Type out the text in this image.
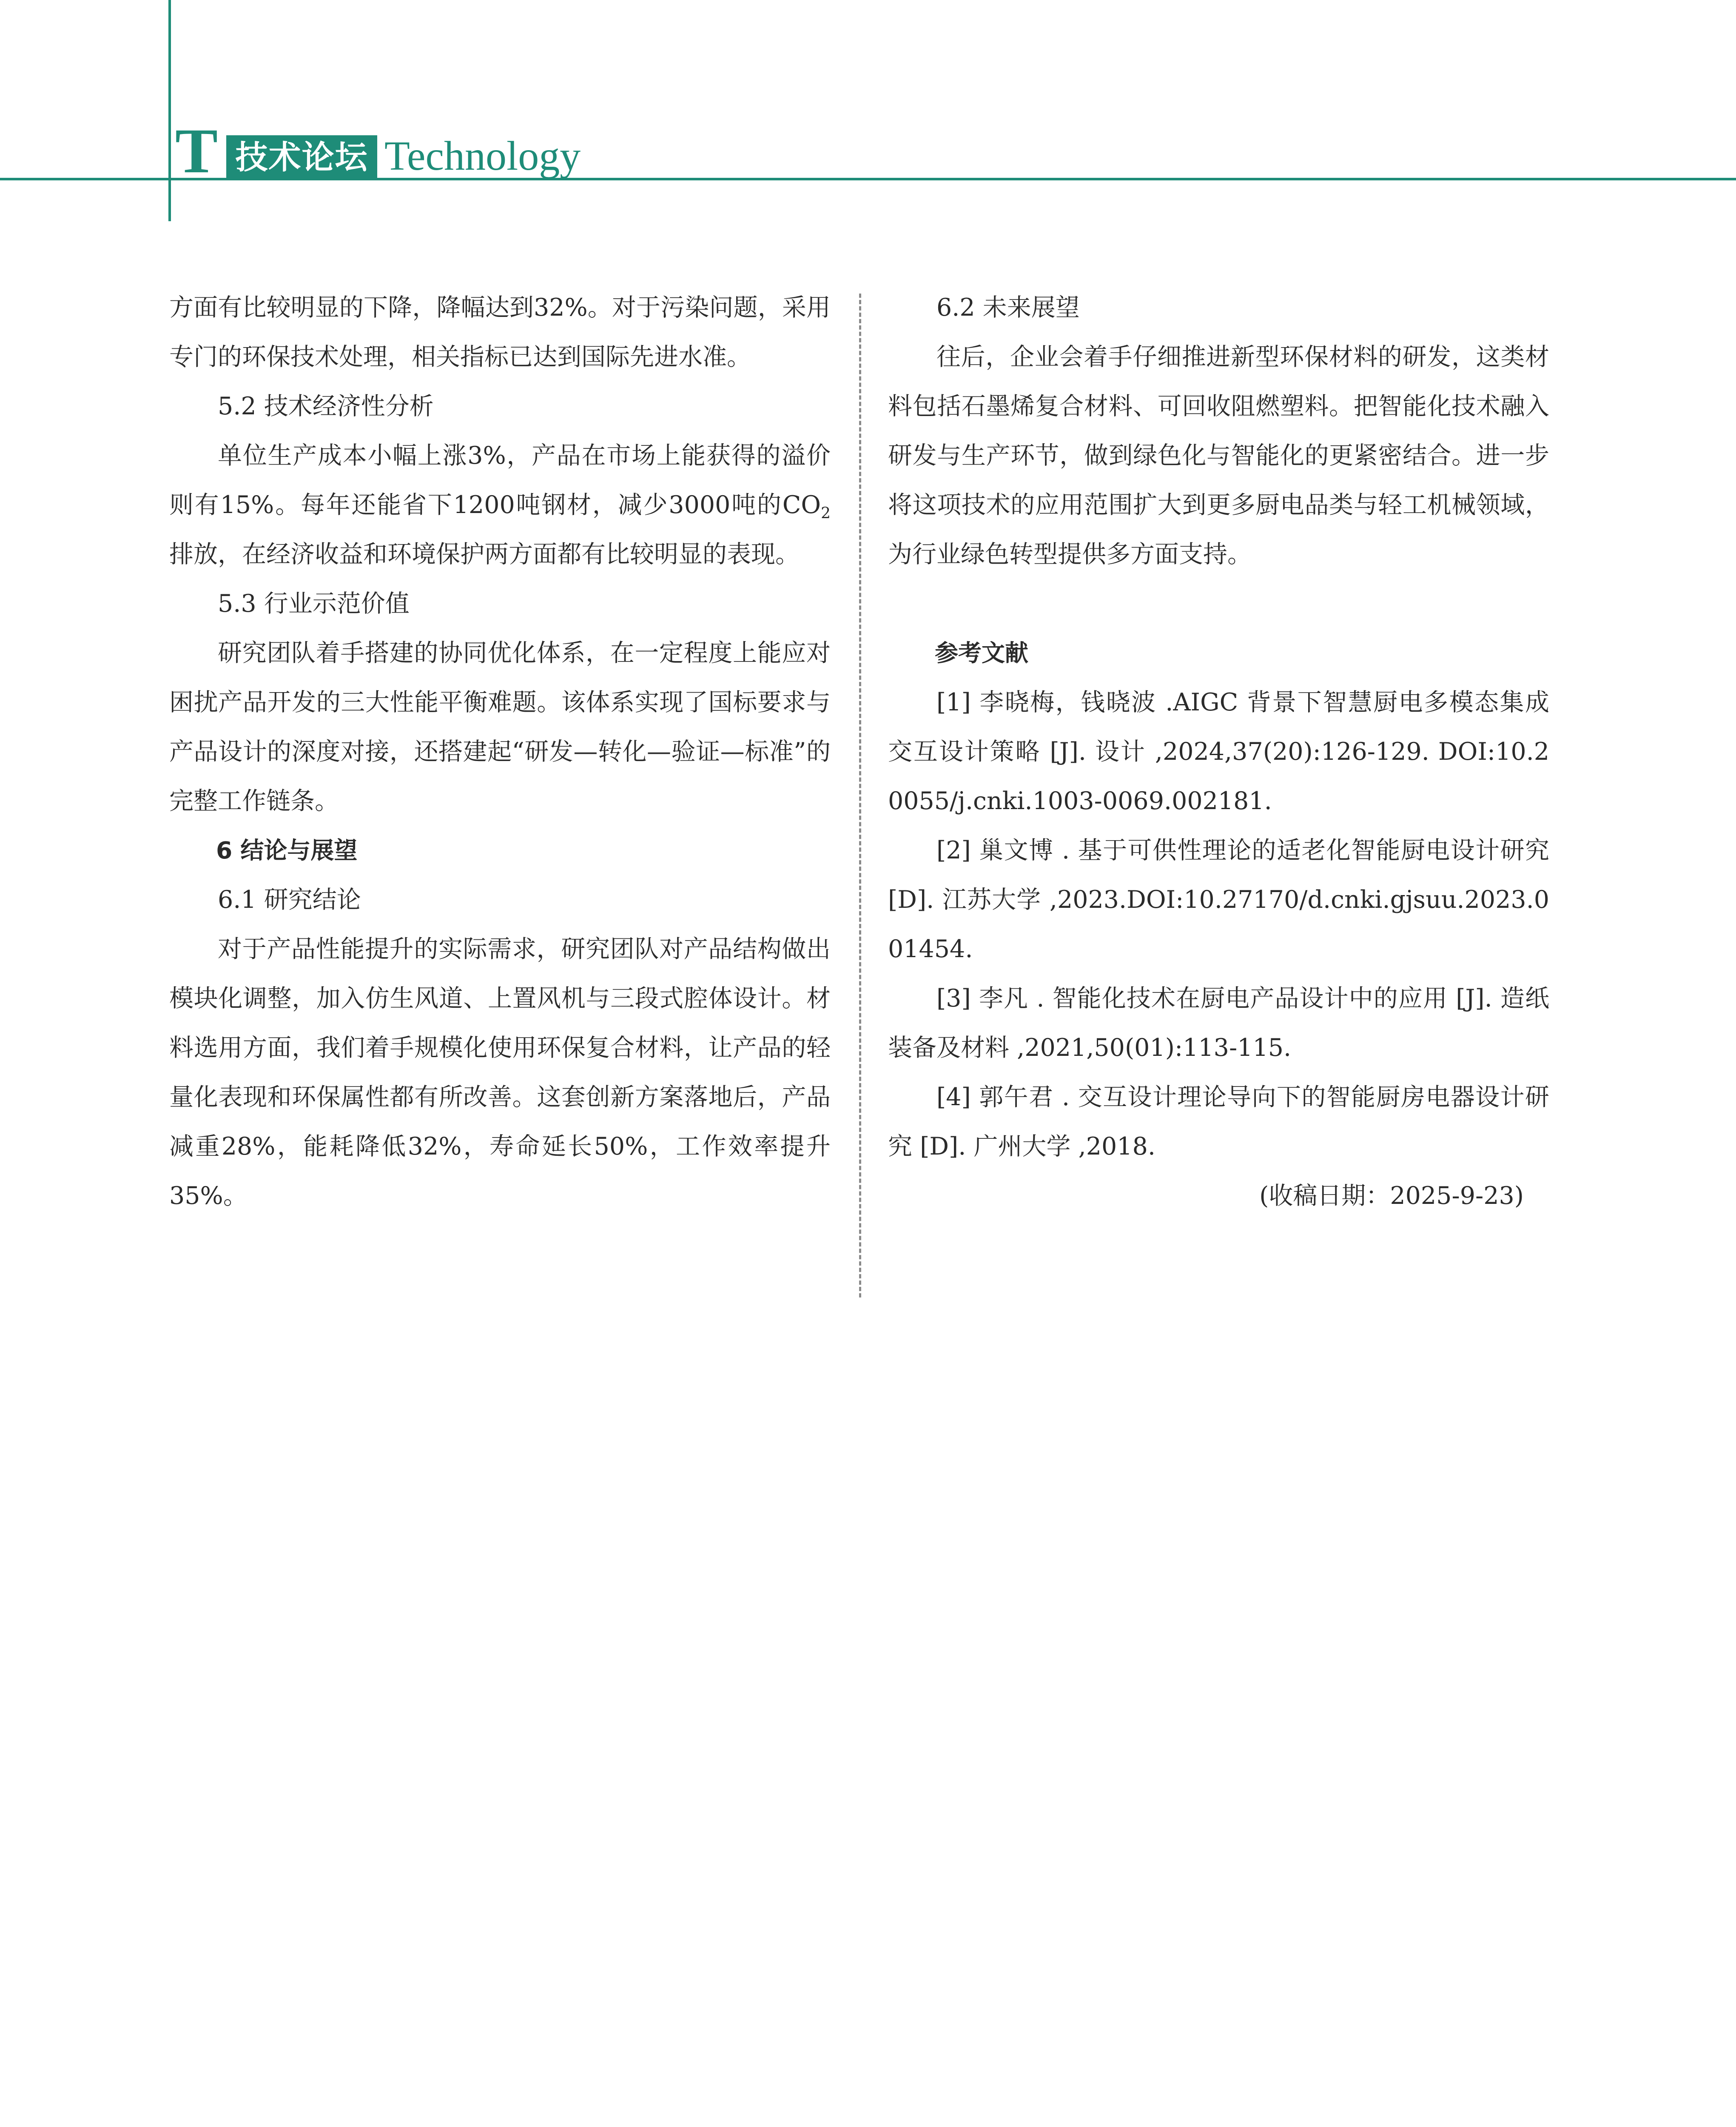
T 技术论坛 Technology

方面有比较明显的下降，降幅达到32%。对于污染问题，采用专门的环保技术处理，相关指标已达到国际先进水准。

5.2 技术经济性分析

单位生产成本小幅上涨3%，产品在市场上能获得的溢价则有15%。每年还能省下1200吨钢材，减少3000吨的$CO_2$排放，在经济收益和环境保护两方面都有比较明显的表现。

5.3 行业示范价值

研究团队着手搭建的协同优化体系，在一定程度上能应对困扰产品开发的三大性能平衡难题。该体系实现了国标要求与产品设计的深度对接，还搭建起“研发—转化—验证—标准”的完整工作链条。

6 结论与展望

6.1 研究结论

对于产品性能提升的实际需求，研究团队对产品结构做出模块化调整，加入仿生风道、上置风机与三段式腔体设计。材料选用方面，我们着手规模化使用环保复合材料，让产品的轻量化表现和环保属性都有所改善。这套创新方案落地后，产品减重28%，能耗降低32%，寿命延长50%，工作效率提升35%。

6.2 未来展望

往后，企业会着手仔细推进新型环保材料的研发，这类材料包括石墨烯复合材料、可回收阻燃塑料。把智能化技术融入研发与生产环节，做到绿色化与智能化的更紧密结合。进一步将这项技术的应用范围扩大到更多厨电品类与轻工机械领域，为行业绿色转型提供多方面支持。

参考文献

[1] 李晓梅，钱晓波 .AIGC 背景下智慧厨电多模态集成交互设计策略 [J]. 设计 ,2024,37(20):126-129. DOI:10.20055/j.cnki.1003-0069.002181.

[2] 巢文博 . 基于可供性理论的适老化智能厨电设计研究 [D]. 江苏大学 ,2023.DOI:10.27170/d.cnki.gjsuu.2023.001454.

[3] 李凡 . 智能化技术在厨电产品设计中的应用 [J]. 造纸装备及材料 ,2021,50(01):113-115.

[4] 郭午君 . 交互设计理论导向下的智能厨房电器设计研究 [D]. 广州大学 ,2018.

(收稿日期：2025-9-23)
